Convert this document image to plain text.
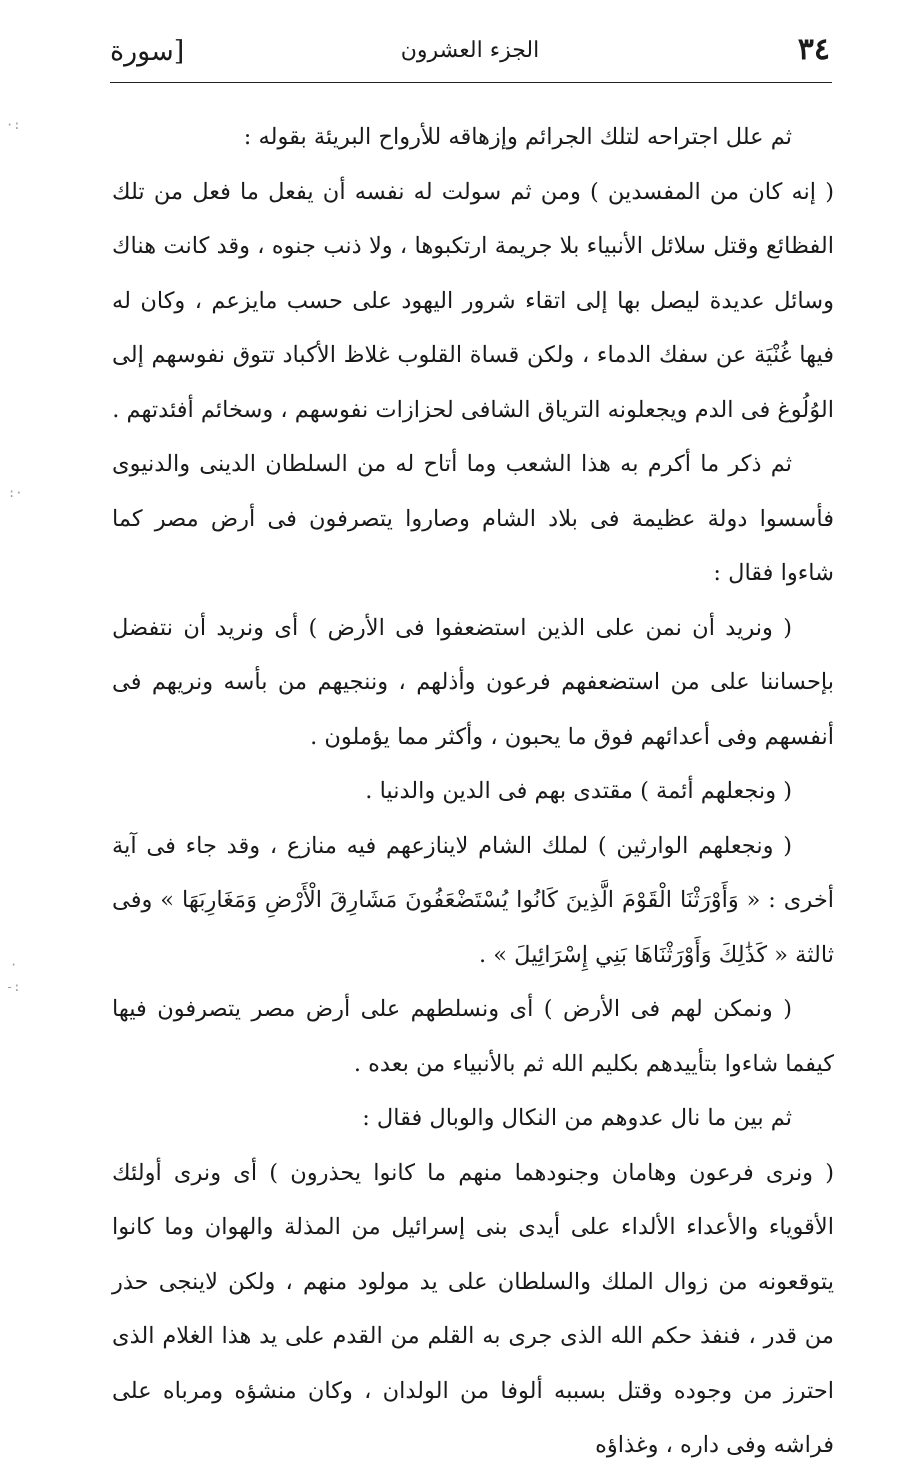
٣٤
الجزء العشرون
[سورة

ثم علل اجتراحه لتلك الجرائم وإزهاقه للأرواح البريئة بقوله :

( إنه كان من المفسدين ) ومن ثم سولت له نفسه أن يفعل ما فعل من تلك الفظائع وقتل سلائل الأنبياء بلا جريمة ارتكبوها ، ولا ذنب جنوه ، وقد كانت هناك وسائل عديدة ليصل بها إلى اتقاء شرور اليهود على حسب مايزعم ، وكان له فيها غُنْيَة عن سفك الدماء ، ولكن قساة القلوب غلاظ الأكباد تتوق نفوسهم إلى الوُلُوغ فى الدم ويجعلونه الترياق الشافى لحزازات نفوسهم ، وسخائم أفئدتهم .

ثم ذكر ما أكرم به هذا الشعب وما أتاح له من السلطان الدينى والدنيوى فأسسوا دولة عظيمة فى بلاد الشام وصاروا يتصرفون فى أرض مصر كما شاءوا فقال :

( ونريد أن نمن على الذين استضعفوا فى الأرض ) أى ونريد أن نتفضل بإحساننا على من استضعفهم فرعون وأذلهم ، وننجيهم من بأسه ونريهم فى أنفسهم وفى أعدائهم فوق ما يحبون ، وأكثر مما يؤملون .

( ونجعلهم أئمة ) مقتدى بهم فى الدين والدنيا .

( ونجعلهم الوارثين ) لملك الشام لاينازعهم فيه منازع ، وقد جاء فى آية أخرى : « وَأَوْرَثْنَا الْقَوْمَ الَّذِينَ كَانُوا يُسْتَضْعَفُونَ مَشَارِقَ الْأَرْضِ وَمَغَارِبَهَا » وفى ثالثة « كَذَٰلِكَ وَأَوْرَثْنَاهَا بَنِي إِسْرَائِيلَ » .

( ونمكن لهم فى الأرض ) أى ونسلطهم على أرض مصر يتصرفون فيها كيفما شاءوا بتأييدهم بكليم الله ثم بالأنبياء من بعده .

ثم بين ما نال عدوهم من النكال والوبال فقال :

( ونرى فرعون وهامان وجنودهما منهم ما كانوا يحذرون ) أى ونرى أولئك الأقوياء والأعداء الألداء على أيدى بنى إسرائيل من المذلة والهوان وما كانوا يتوقعونه من زوال الملك والسلطان على يد مولود منهم ، ولكن لاينجى حذر من قدر ، فنفذ حكم الله الذى جرى به القلم من القدم على يد هذا الغلام الذى احترز من وجوده وقتل بسببه ألوفا من الولدان ، وكان منشؤه ومرباه على فراشه وفى داره ، وغذاؤه

·:
:·
·
-:
